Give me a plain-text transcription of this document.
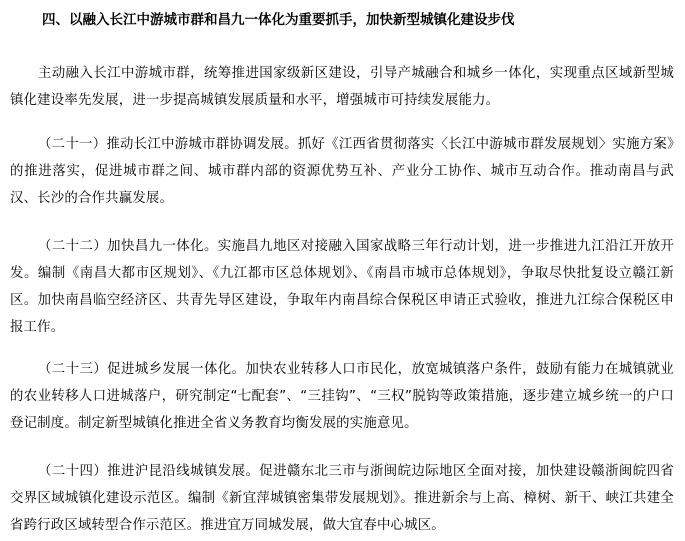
四、以融入长江中游城市群和昌九一体化为重要抓手，加快新型城镇化建设步伐
主动融入长江中游城市群，统筹推进国家级新区建设，引导产城融合和城乡一体化，实现重点区域新型城镇化建设率先发展，进一步提高城镇发展质量和水平，增强城市可持续发展能力。
（二十一）推动长江中游城市群协调发展。抓好《江西省贯彻落实〈长江中游城市群发展规划〉实施方案》的推进落实，促进城市群之间、城市群内部的资源优势互补、产业分工协作、城市互动合作。推动南昌与武汉、长沙的合作共赢发展。
（二十二）加快昌九一体化。实施昌九地区对接融入国家战略三年行动计划，进一步推进九江沿江开放开发。编制《南昌大都市区规划》、《九江都市区总体规划》、《南昌市城市总体规划》，争取尽快批复设立赣江新区。加快南昌临空经济区、共青先导区建设，争取年内南昌综合保税区申请正式验收，推进九江综合保税区申报工作。
（二十三）促进城乡发展一体化。加快农业转移人口市民化，放宽城镇落户条件，鼓励有能力在城镇就业的农业转移人口进城落户，研究制定“七配套”、“三挂钩”、“三权”脱钩等政策措施，逐步建立城乡统一的户口登记制度。制定新型城镇化推进全省义务教育均衡发展的实施意见。
（二十四）推进沪昆沿线城镇发展。促进赣东北三市与浙闽皖边际地区全面对接，加快建设赣浙闽皖四省交界区域城镇化建设示范区。编制《新宜萍城镇密集带发展规划》。推进新余与上高、樟树、新干、峡江共建全省跨行政区域转型合作示范区。推进宜万同城发展，做大宜春中心城区。
